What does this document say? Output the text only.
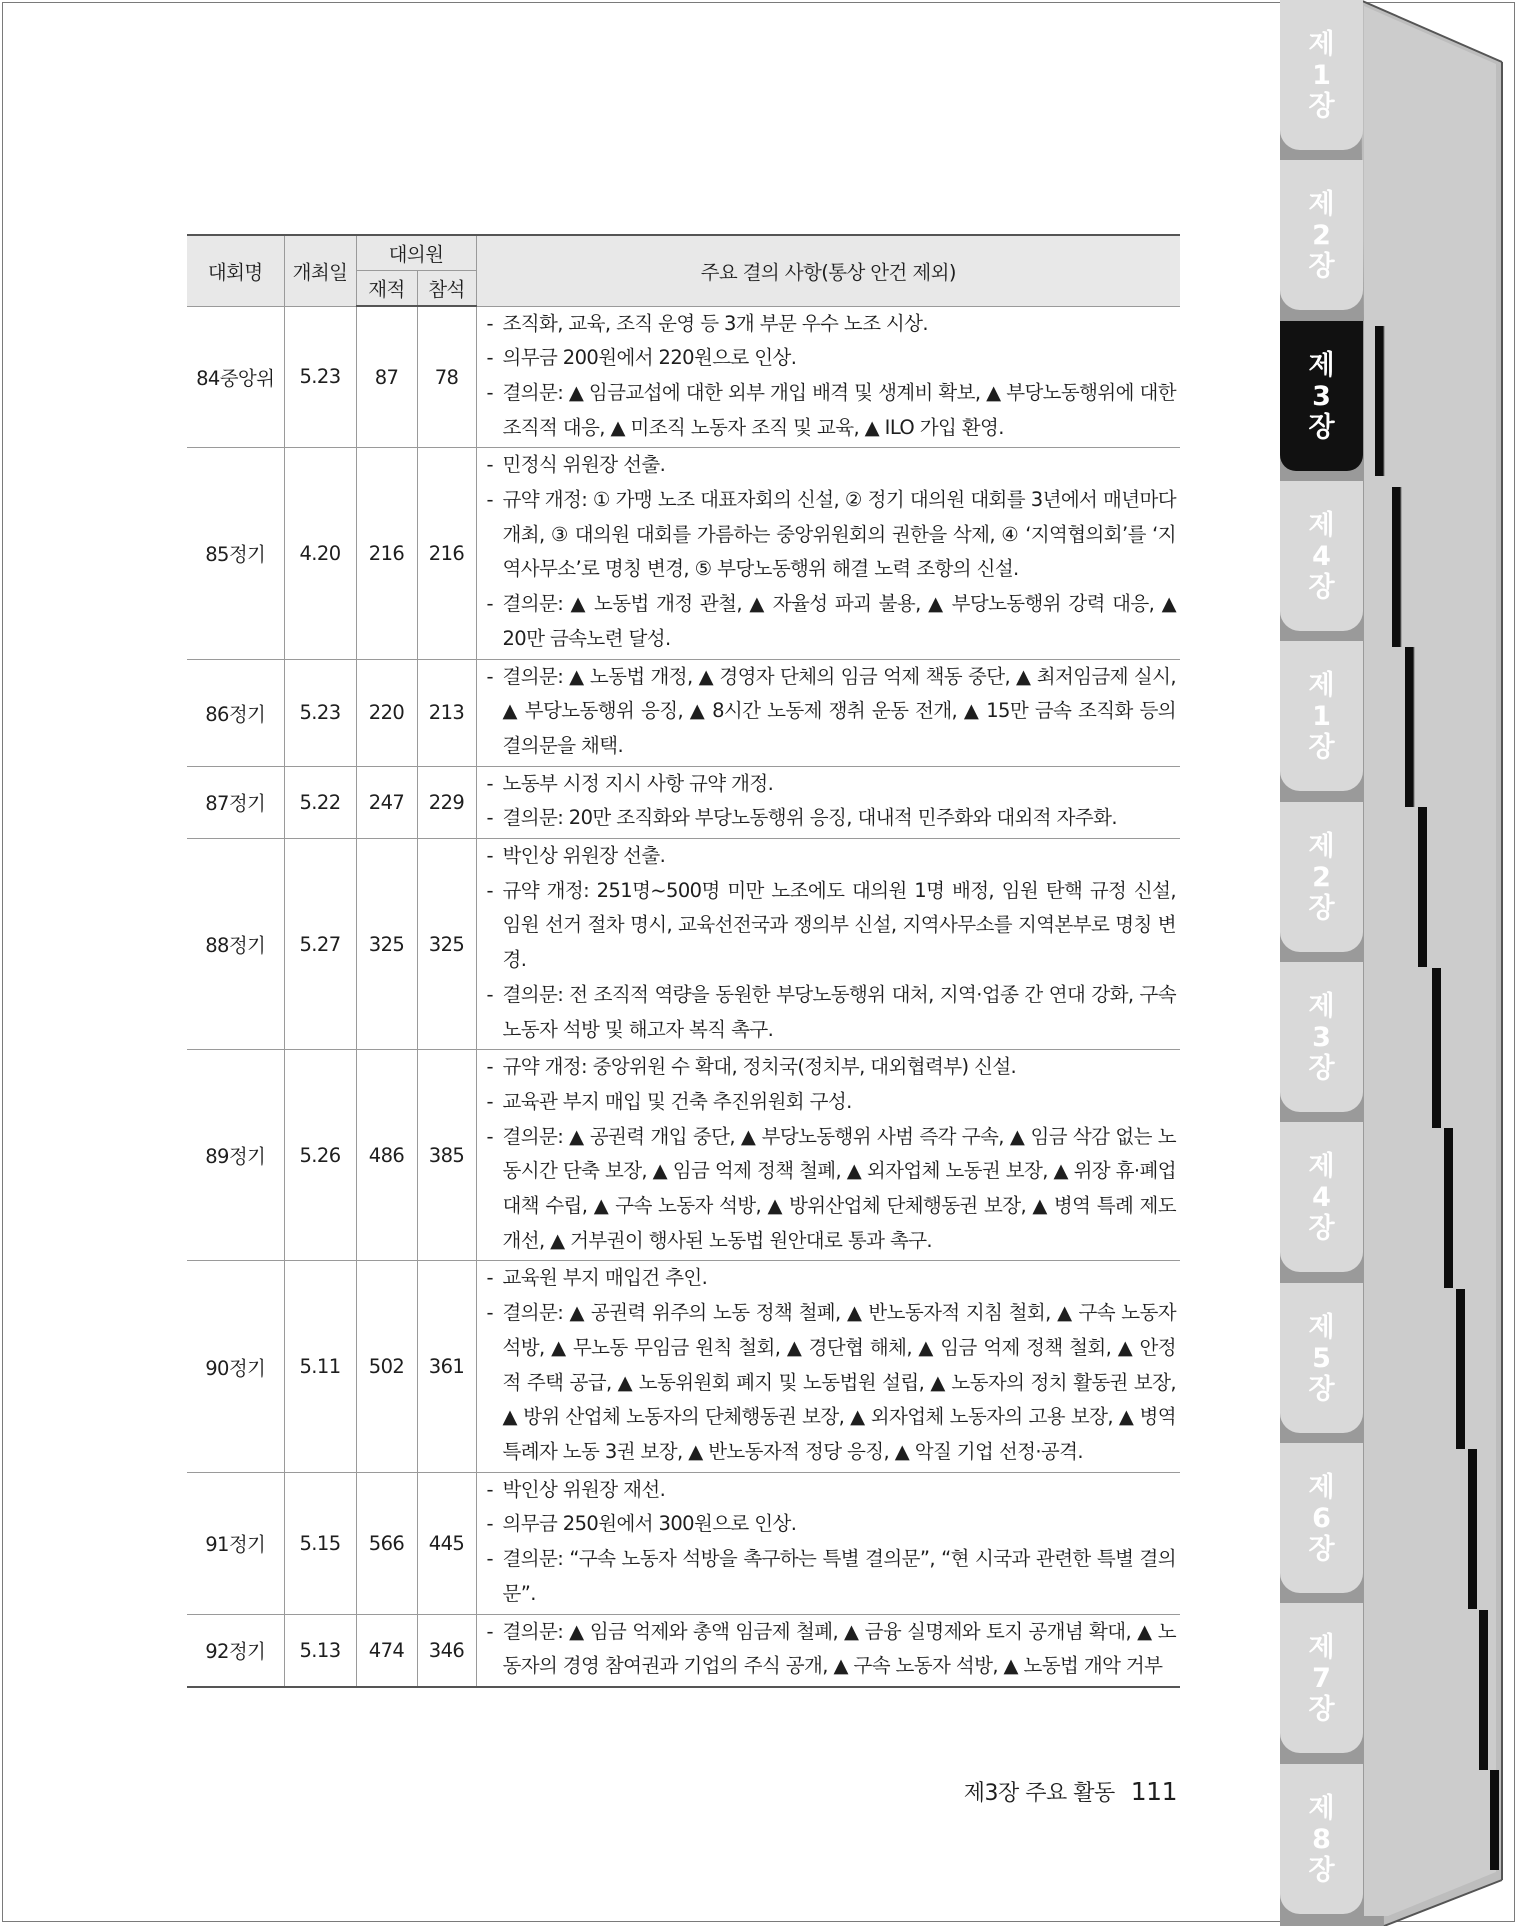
대회명	개최일	대의원		주요 결의 사항(통상 안건 제외)
		재적	참석	
84중앙위	5.23	87	78	- 조직화, 교육, 조직 운영 등 3개 부문 우수 노조 시상.
- 의무금 200원에서 220원으로 인상.
- 결의문: ▲ 임금교섭에 대한 외부 개입 배격 및 생계비 확보, ▲ 부당노동행위에 대한 조직적 대응, ▲ 미조직 노동자 조직 및 교육, ▲ ILO 가입 환영.

85정기	4.20	216	216	- 민정식 위원장 선출.
- 규약 개정: ① 가맹 노조 대표자회의 신설, ② 정기 대의원 대회를 3년에서 매년마다 개최, ③ 대의원 대회를 가름하는 중앙위원회의 권한을 삭제, ④ ‘지역협의회’를 ‘지역사무소’로 명칭 변경, ⑤ 부당노동행위 해결 노력 조항의 신설.
- 결의문: ▲ 노동법 개정 관철, ▲ 자율성 파괴 불용, ▲ 부당노동행위 강력 대응, ▲ 20만 금속노련 달성.

86정기	5.23	220	213	- 결의문: ▲ 노동법 개정, ▲ 경영자 단체의 임금 억제 책동 중단, ▲ 최저임금제 실시, ▲ 부당노동행위 응징, ▲ 8시간 노동제 쟁취 운동 전개, ▲ 15만 금속 조직화 등의 결의문을 채택.

87정기	5.22	247	229	- 노동부 시정 지시 사항 규약 개정.
- 결의문: 20만 조직화와 부당노동행위 응징, 대내적 민주화와 대외적 자주화.

88정기	5.27	325	325	- 박인상 위원장 선출.
- 규약 개정: 251명~500명 미만 노조에도 대의원 1명 배정, 임원 탄핵 규정 신설, 임원 선거 절차 명시, 교육선전국과 쟁의부 신설, 지역사무소를 지역본부로 명칭 변경.
- 결의문: 전 조직적 역량을 동원한 부당노동행위 대처, 지역·업종 간 연대 강화, 구속 노동자 석방 및 해고자 복직 촉구.

89정기	5.26	486	385	- 규약 개정: 중앙위원 수 확대, 정치국(정치부, 대외협력부) 신설.
- 교육관 부지 매입 및 건축 추진위원회 구성.
- 결의문: ▲ 공권력 개입 중단, ▲ 부당노동행위 사범 즉각 구속, ▲ 임금 삭감 없는 노동시간 단축 보장, ▲ 임금 억제 정책 철폐, ▲ 외자업체 노동권 보장, ▲ 위장 휴·폐업 대책 수립, ▲ 구속 노동자 석방, ▲ 방위산업체 단체행동권 보장, ▲ 병역 특례 제도 개선, ▲ 거부권이 행사된 노동법 원안대로 통과 촉구.

90정기	5.11	502	361	- 교육원 부지 매입건 추인.
- 결의문: ▲ 공권력 위주의 노동 정책 철폐, ▲ 반노동자적 지침 철회, ▲ 구속 노동자 석방, ▲ 무노동 무임금 원칙 철회, ▲ 경단협 해체, ▲ 임금 억제 정책 철회, ▲ 안정적 주택 공급, ▲ 노동위원회 폐지 및 노동법원 설립, ▲ 노동자의 정치 활동권 보장, ▲ 방위 산업체 노동자의 단체행동권 보장, ▲ 외자업체 노동자의 고용 보장, ▲ 병역 특례자 노동 3권 보장, ▲ 반노동자적 정당 응징, ▲ 악질 기업 선정·공격.

91정기	5.15	566	445	- 박인상 위원장 재선.
- 의무금 250원에서 300원으로 인상.
- 결의문: “구속 노동자 석방을 촉구하는 특별 결의문”, “현 시국과 관련한 특별 결의문”.

92정기	5.13	474	346	- 결의문: ▲ 임금 억제와 총액 임금제 철폐, ▲ 금융 실명제와 토지 공개념 확대, ▲ 노동자의 경영 참여권과 기업의 주식 공개, ▲ 구속 노동자 석방, ▲ 노동법 개악 거부
제3장 주요 활동 111
제
1
장
제
2
장
제
3
장
제
4
장
제
1
장
제
2
장
제
3
장
제
4
장
제
5
장
제
6
장
제
7
장
제
8
장
